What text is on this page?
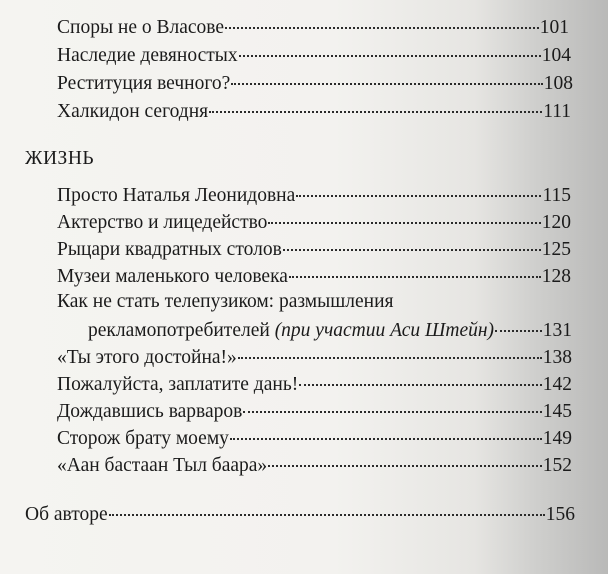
Споры не о Власове	101
Наследие девяностых	104
Реституция вечного?	108
Халкидон сегодня	111
ЖИЗНЬ
Просто Наталья Леонидовна	115
Актерство и лицедейство	120
Рыцари квадратных столов	125
Музеи маленького человека	128
Как не стать телепузиком: размышления
рекламопотребителей (при участии Аси Штейн) 131
«Ты этого достойна!»	138
Пожалуйста, заплатите дань!	142
Дождавшись варваров	145
Сторож брату моему	149
«Аан бастаан Тыл баара»	152
Об авторе	156
